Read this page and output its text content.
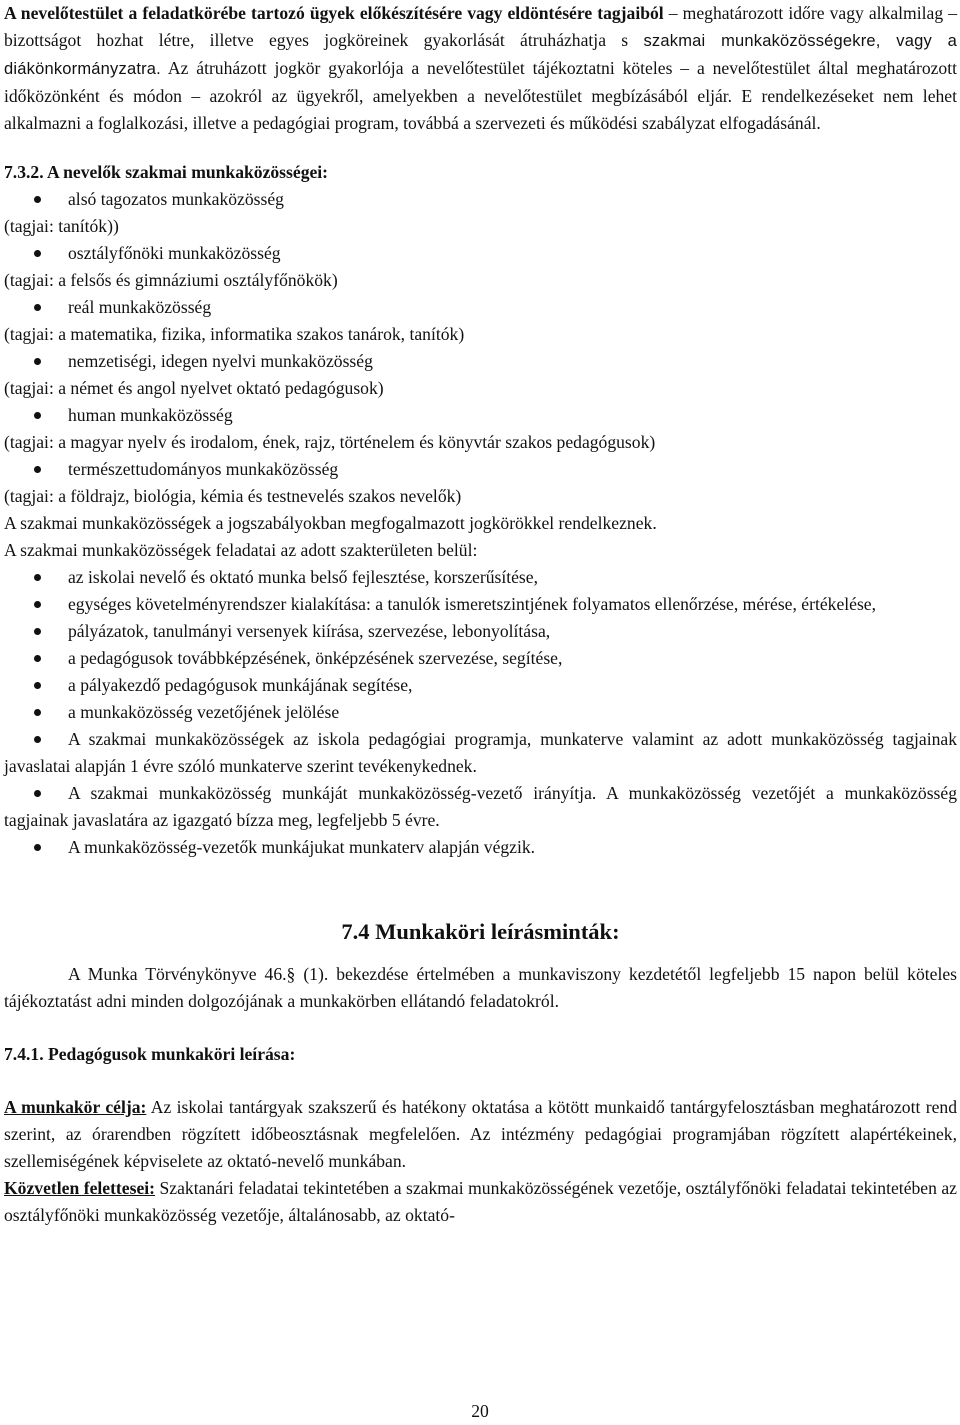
A nevelőtestület a feladatkörébe tartozó ügyek előkészítésére vagy eldöntésére tagjaiból – meghatározott időre vagy alkalmilag – bizottságot hozhat létre, illetve egyes jogköreinek gyakorlását átruházhatja s szakmai munkaközösségekre, vagy a diákönkormányzatra. Az átruházott jogkör gyakorlója a nevelőtestület tájékoztatni köteles – a nevelőtestület által meghatározott időközönként és módon – azokról az ügyekről, amelyekben a nevelőtestület megbízásából eljár. E rendelkezéseket nem lehet alkalmazni a foglalkozási, illetve a pedagógiai program, továbbá a szervezeti és működési szabályzat elfogadásánál.

7.3.2. A nevelők szakmai munkaközösségei:

alsó tagozatos munkaközösség

(tagjai: tanítók))

osztályfőnöki munkaközösség

(tagjai: a felsős és gimnáziumi osztályfőnökök)

reál munkaközösség

(tagjai: a matematika, fizika, informatika szakos tanárok, tanítók)

nemzetiségi, idegen nyelvi munkaközösség

(tagjai: a német és angol nyelvet oktató pedagógusok)

human munkaközösség

(tagjai: a magyar nyelv és irodalom, ének, rajz, történelem és könyvtár szakos pedagógusok)

természettudományos munkaközösség

(tagjai: a földrajz, biológia, kémia és testnevelés szakos nevelők)

A szakmai munkaközösségek a jogszabályokban megfogalmazott jogkörökkel rendelkeznek.

A szakmai munkaközösségek feladatai az adott szakterületen belül:

az iskolai nevelő és oktató munka belső fejlesztése, korszerűsítése,
egységes követelményrendszer kialakítása: a tanulók ismeretszintjének folyamatos ellenőrzése, mérése, értékelése,
pályázatok, tanulmányi versenyek kiírása, szervezése, lebonyolítása,
a pedagógusok továbbképzésének, önképzésének szervezése, segítése,
a pályakezdő pedagógusok munkájának segítése,
a munkaközösség vezetőjének jelölése
A szakmai munkaközösségek az iskola pedagógiai programja, munkaterve valamint az adott munkaközösség tagjainak javaslatai alapján 1 évre szóló munkaterve szerint tevékenykednek.
A szakmai munkaközösség munkáját munkaközösség-vezető irányítja. A munkaközösség vezetőjét a munkaközösség tagjainak javaslatára az igazgató bízza meg, legfeljebb 5 évre.
A munkaközösség-vezetők munkájukat munkaterv alapján végzik.
7.4 Munkaköri leírásminták:

A Munka Törvénykönyve 46.§ (1). bekezdése értelmében a munkaviszony kezdetétől legfeljebb 15 napon belül köteles tájékoztatást adni minden dolgozójának a munkakörben ellátandó feladatokról.

7.4.1. Pedagógusok munkaköri leírása:

A munkakör célja: Az iskolai tantárgyak szakszerű és hatékony oktatása a kötött munkaidő tantárgyfelosztásban meghatározott rend szerint, az órarendben rögzített időbeosztásnak megfelelően. Az intézmény pedagógiai programjában rögzített alapértékeinek, szellemiségének képviselete az oktató-nevelő munkában.

Közvetlen felettesei: Szaktanári feladatai tekintetében a szakmai munkaközösségének vezetője, osztályfőnöki feladatai tekintetében az osztályfőnöki munkaközösség vezetője, általánosabb, az oktató-

20
